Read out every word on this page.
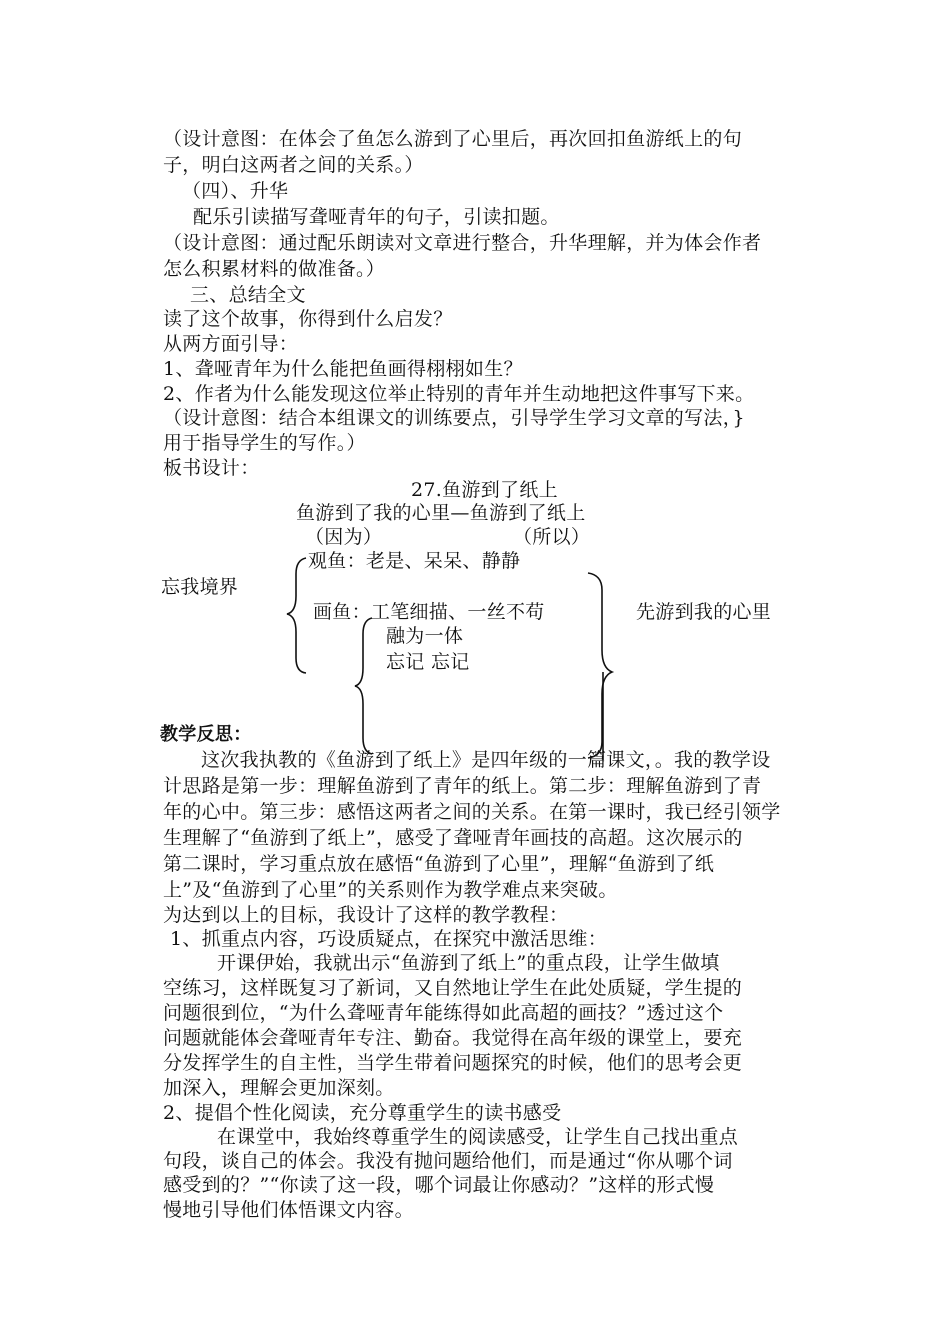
（设计意图：在体会了鱼怎么游到了心里后，再次回扣鱼游纸上的句
子，明白这两者之间的关系。）
（四）、升华
配乐引读描写聋哑青年的句子，引读扣题。
（设计意图：通过配乐朗读对文章进行整合，升华理解，并为体会作者
怎么积累材料的做准备。）
三、总结全文
读了这个故事，你得到什么启发？
从两方面引导：
1、聋哑青年为什么能把鱼画得栩栩如生？
2、作者为什么能发现这位举止特别的青年并生动地把这件事写下来。
（设计意图：结合本组课文的训练要点，引导学生学习文章的写法，}
用于指导学生的写作。）
板书设计：
27.鱼游到了纸上
鱼游到了我的心里—鱼游到了纸上
（因为）	（所以）
观鱼：老是、呆呆、静静
忘我境界
画鱼：工笔细描、一丝不苟	先游到我的心里
融为一体
忘记 忘记
教学反思：
这次我执教的《鱼游到了纸上》是四年级的一篇课文，。我的教学设
计思路是第一步：理解鱼游到了青年的纸上。第二步：理解鱼游到了青
年的心中。第三步：感悟这两者之间的关系。在第一课时，我已经引领学
生理解了“鱼游到了纸上”，感受了聋哑青年画技的高超。这次展示的
第二课时，学习重点放在感悟“鱼游到了心里”，理解“鱼游到了纸
上”及“鱼游到了心里”的关系则作为教学难点来突破。
为达到以上的目标，我设计了这样的教学教程：
1、抓重点内容，巧设质疑点，在探究中激活思维：
开课伊始，我就出示“鱼游到了纸上”的重点段，让学生做填
空练习，这样既复习了新词，又自然地让学生在此处质疑，学生提的
问题很到位，“为什么聋哑青年能练得如此高超的画技？”透过这个
问题就能体会聋哑青年专注、勤奋。我觉得在高年级的课堂上，要充
分发挥学生的自主性，当学生带着问题探究的时候，他们的思考会更
加深入，理解会更加深刻。
2、提倡个性化阅读，充分尊重学生的读书感受
在课堂中，我始终尊重学生的阅读感受，让学生自己找出重点
句段，谈自己的体会。我没有抛问题给他们，而是通过“你从哪个词
感受到的？”“你读了这一段，哪个词最让你感动？”这样的形式慢
慢地引导他们体悟课文内容。
